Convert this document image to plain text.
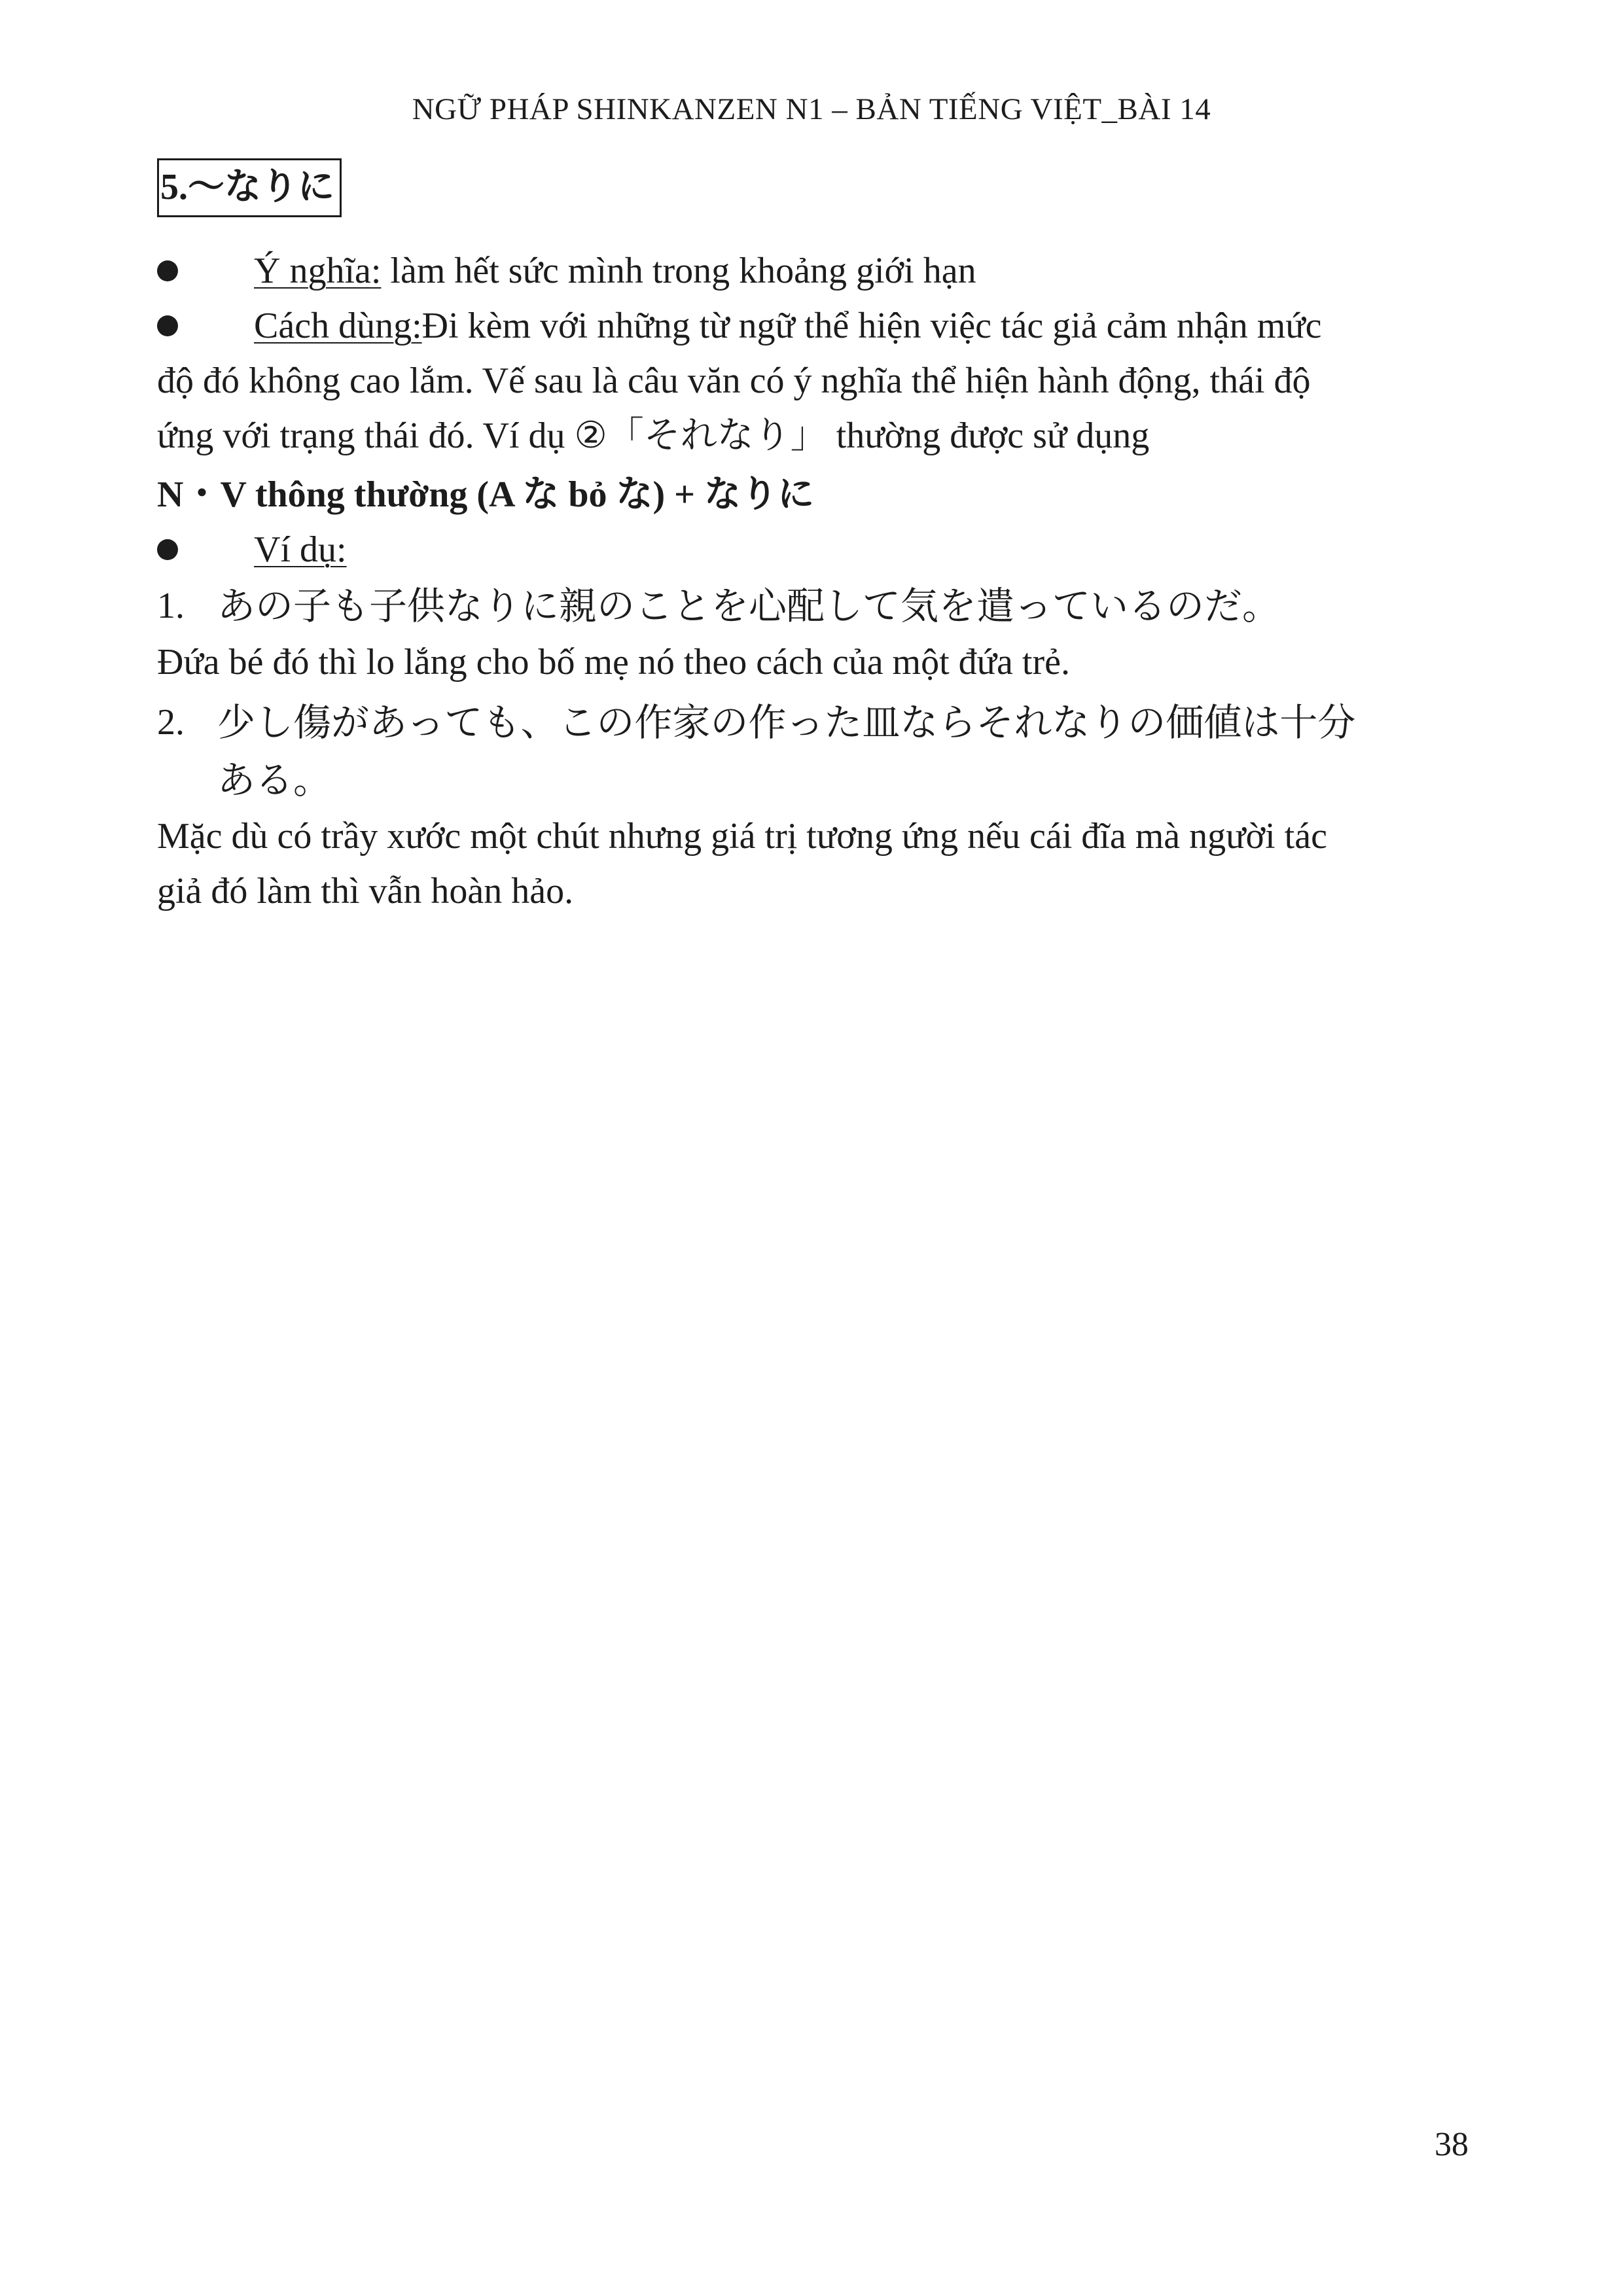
NGỮ PHÁP SHINKANZEN N1 – BẢN TIẾNG VIỆT_BÀI 14
5.〜なりに
Ý nghĩa: làm hết sức mình trong khoảng giới hạn
Cách dùng:Đi kèm với những từ ngữ thể hiện việc tác giả cảm nhận mức
độ đó không cao lắm. Vế sau là câu văn có ý nghĩa thể hiện hành động, thái độ
ứng với trạng thái đó. Ví dụ ②「それなり」 thường được sử dụng
N・V thông thường (A な bỏ な) + なりに
Ví dụ:
1. あの子も子供なりに親のことを心配して気を遣っているのだ。
Đứa bé đó thì lo lắng cho bố mẹ nó theo cách của một đứa trẻ.
2. 少し傷があっても、この作家の作った皿ならそれなりの価値は十分
ある。
Mặc dù có trầy xước một chút nhưng giá trị tương ứng nếu cái đĩa mà người tác
giả đó làm thì vẫn hoàn hảo.
38
